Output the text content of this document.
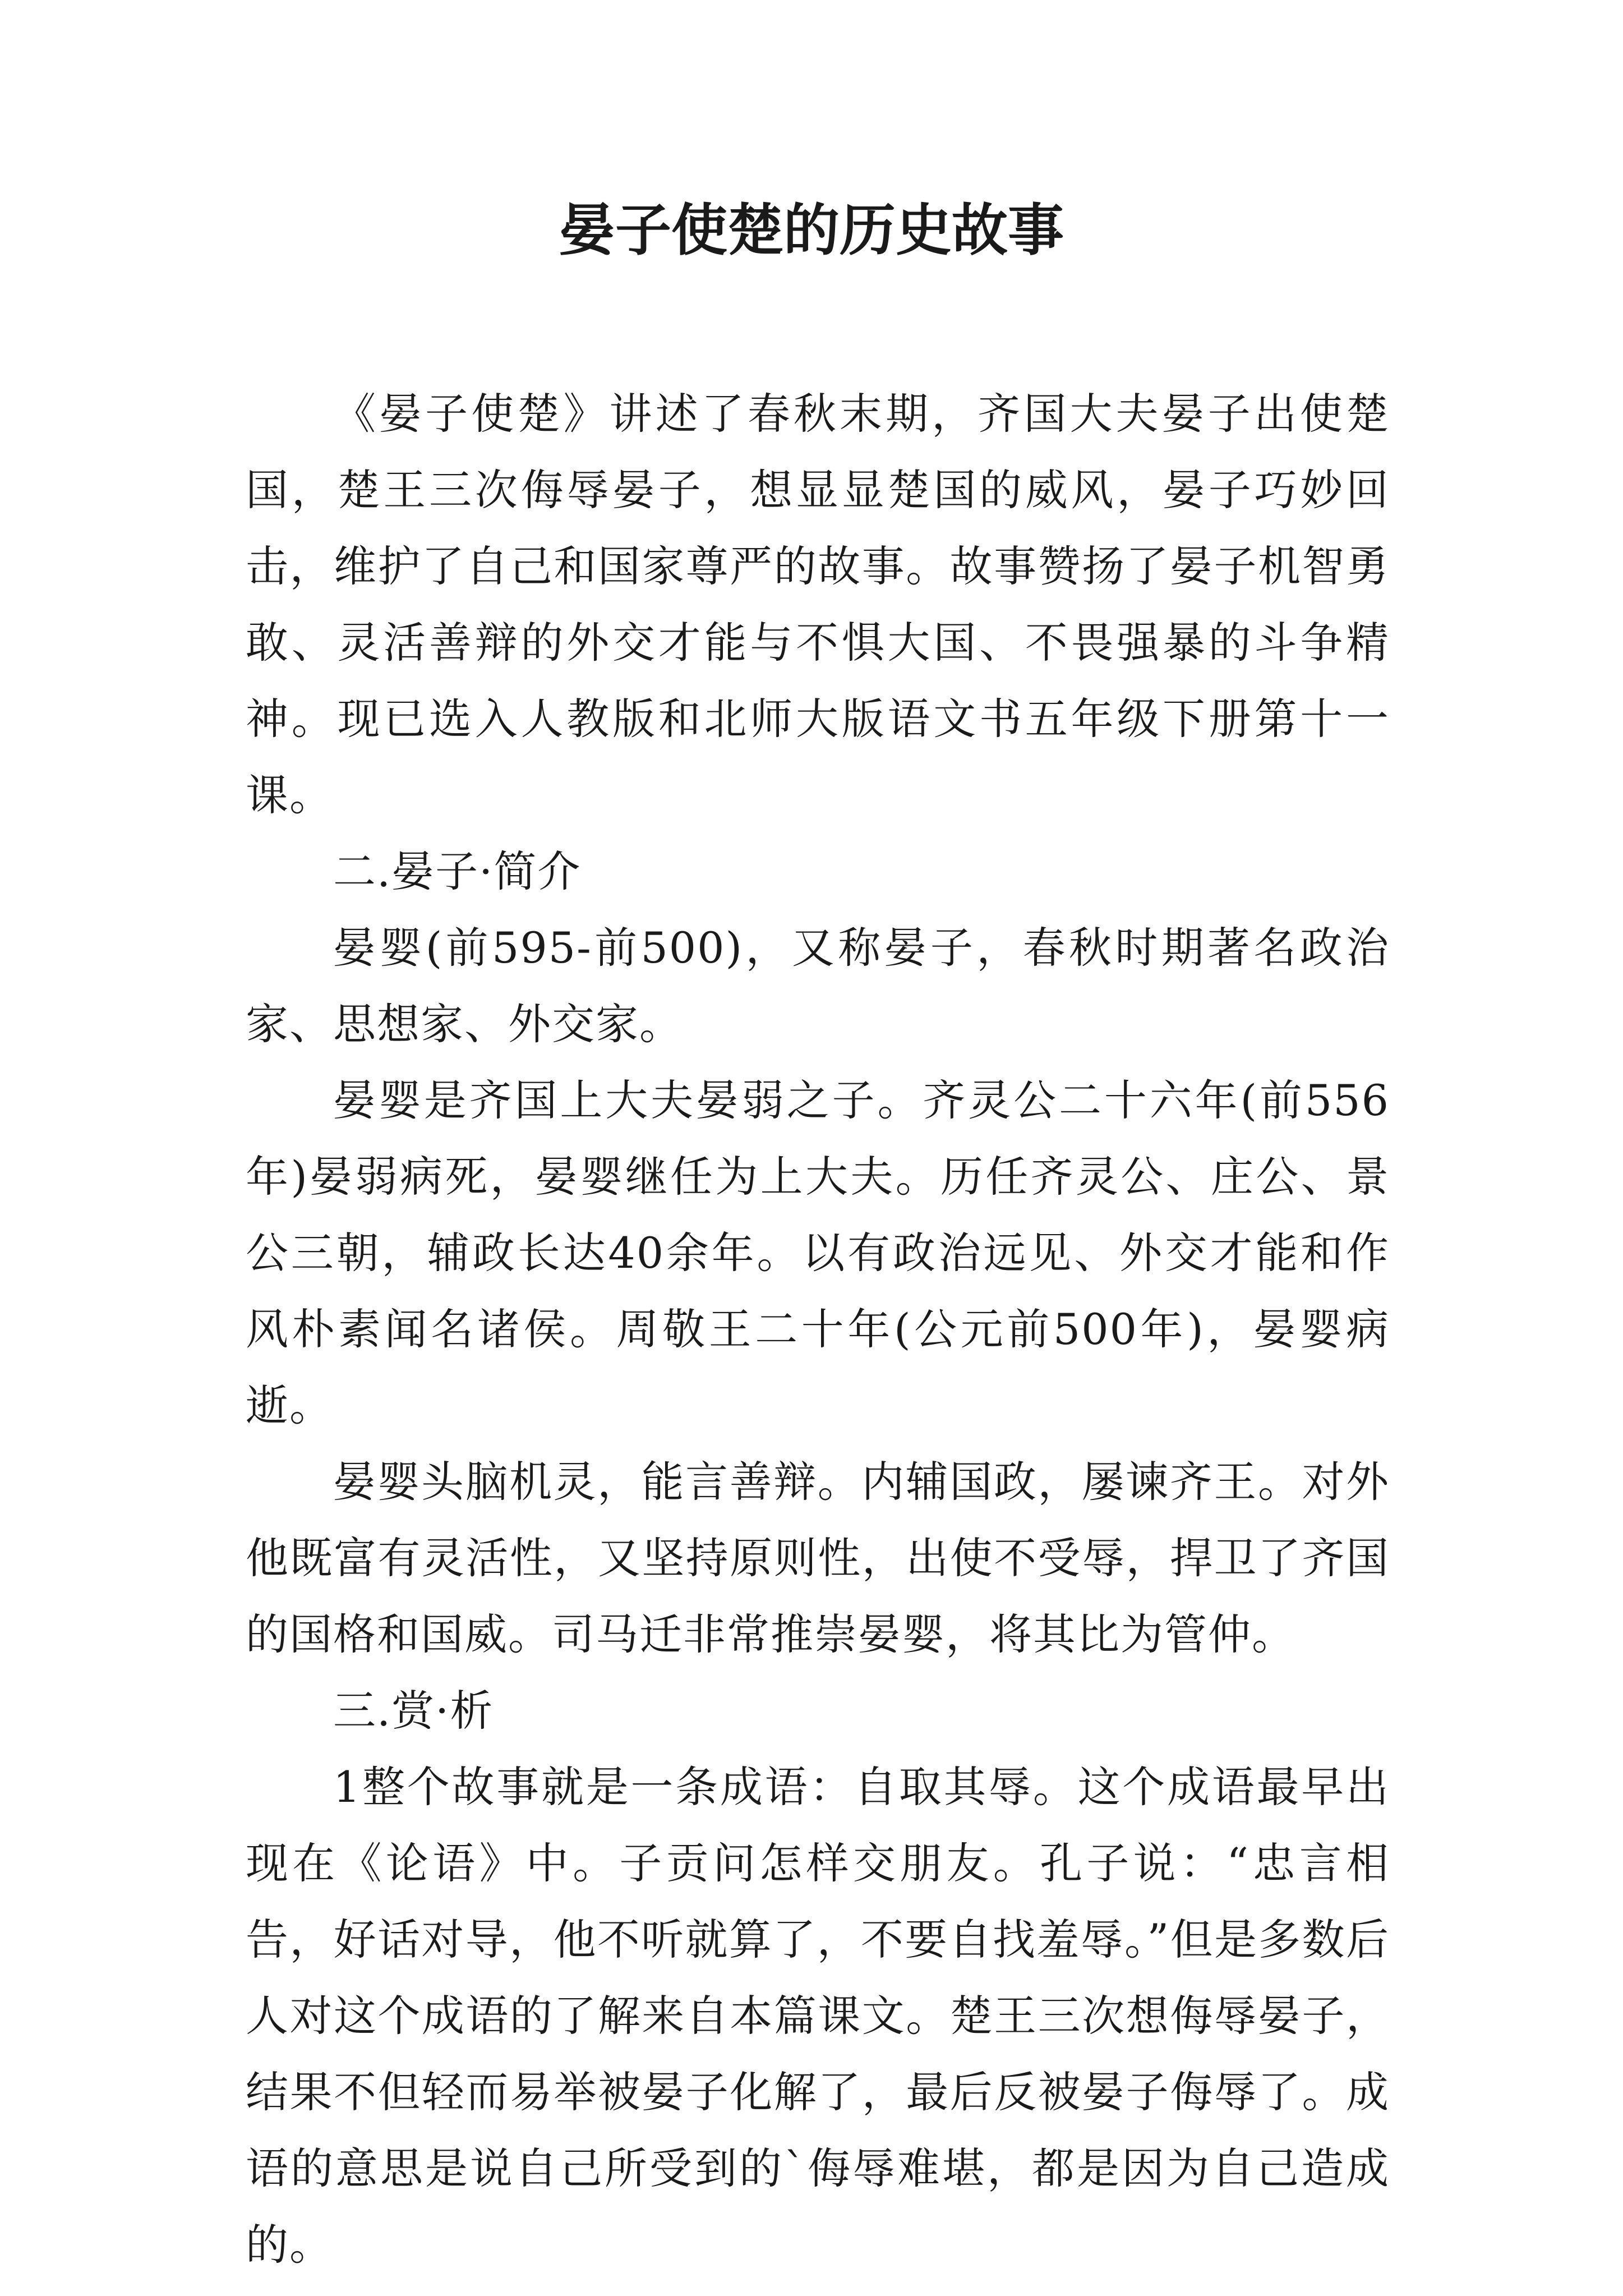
晏子使楚的历史故事

《晏子使楚》讲述了春秋末期，齐国大夫晏子出使楚国，楚王三次侮辱晏子，想显显楚国的威风，晏子巧妙回击，维护了自己和国家尊严的故事。故事赞扬了晏子机智勇敢、灵活善辩的外交才能与不惧大国、不畏强暴的斗争精神。现已选入人教版和北师大版语文书五年级下册第十一课。

二.晏子·简介

晏婴(前595-前500)，又称晏子，春秋时期著名政治家、思想家、外交家。

晏婴是齐国上大夫晏弱之子。齐灵公二十六年(前556年)晏弱病死，晏婴继任为上大夫。历任齐灵公、庄公、景公三朝，辅政长达40余年。以有政治远见、外交才能和作风朴素闻名诸侯。周敬王二十年(公元前500年)，晏婴病逝。

晏婴头脑机灵，能言善辩。内辅国政，屡谏齐王。对外他既富有灵活性，又坚持原则性，出使不受辱，捍卫了齐国的国格和国威。司马迁非常推崇晏婴，将其比为管仲。

三.赏·析

1整个故事就是一条成语：自取其辱。这个成语最早出现在《论语》中。子贡问怎样交朋友。孔子说：“忠言相告，好话对导，他不听就算了，不要自找羞辱。”但是多数后人对这个成语的了解来自本篇课文。楚王三次想侮辱晏子，结果不但轻而易举被晏子化解了，最后反被晏子侮辱了。成语的意思是说自己所受到的`侮辱难堪，都是因为自己造成的。
